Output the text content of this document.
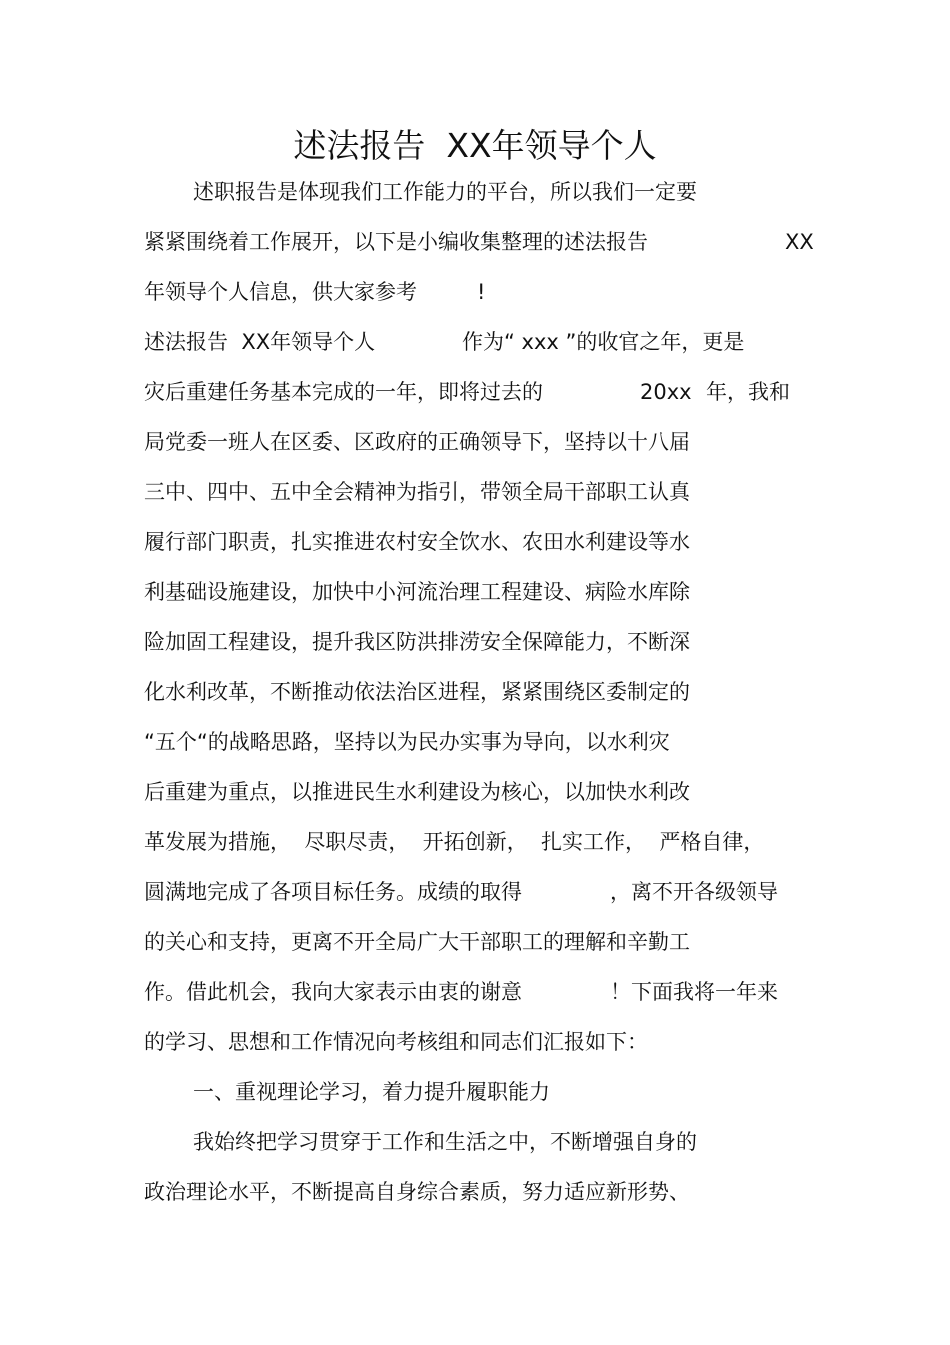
述法报告  XX年领导个人
述职报告是体现我们工作能力的平台，所以我们一定要
紧紧围绕着工作展开，以下是小编收集整理的述法报告	XX
年领导个人信息，供大家参考	!
述法报告  XX年领导个人	作为“ xxx ”的收官之年，更是
灾后重建任务基本完成的一年，即将过去的	20xx 年，我和
局党委一班人在区委、区政府的正确领导下，坚持以十八届
三中、四中、五中全会精神为指引，带领全局干部职工认真
履行部门职责，扎实推进农村安全饮水、农田水利建设等水
利基础设施建设，加快中小河流治理工程建设、病险水库除
险加固工程建设，提升我区防洪排涝安全保障能力，不断深
化水利改革，不断推动依法治区进程，紧紧围绕区委制定的
“五个“的战略思路，坚持以为民办实事为导向，以水利灾
后重建为重点，以推进民生水利建设为核心，以加快水利改
革发展为措施，  尽职尽责，  开拓创新，  扎实工作，  严格自律，
圆满地完成了各项目标任务。成绩的取得	，离不开各级领导
的关心和支持，更离不开全局广大干部职工的理解和辛勤工
作。借此机会，我向大家表示由衷的谢意	！下面我将一年来
的学习、思想和工作情况向考核组和同志们汇报如下：
一、重视理论学习，着力提升履职能力
我始终把学习贯穿于工作和生活之中，不断增强自身的
政治理论水平，不断提高自身综合素质，努力适应新形势、
